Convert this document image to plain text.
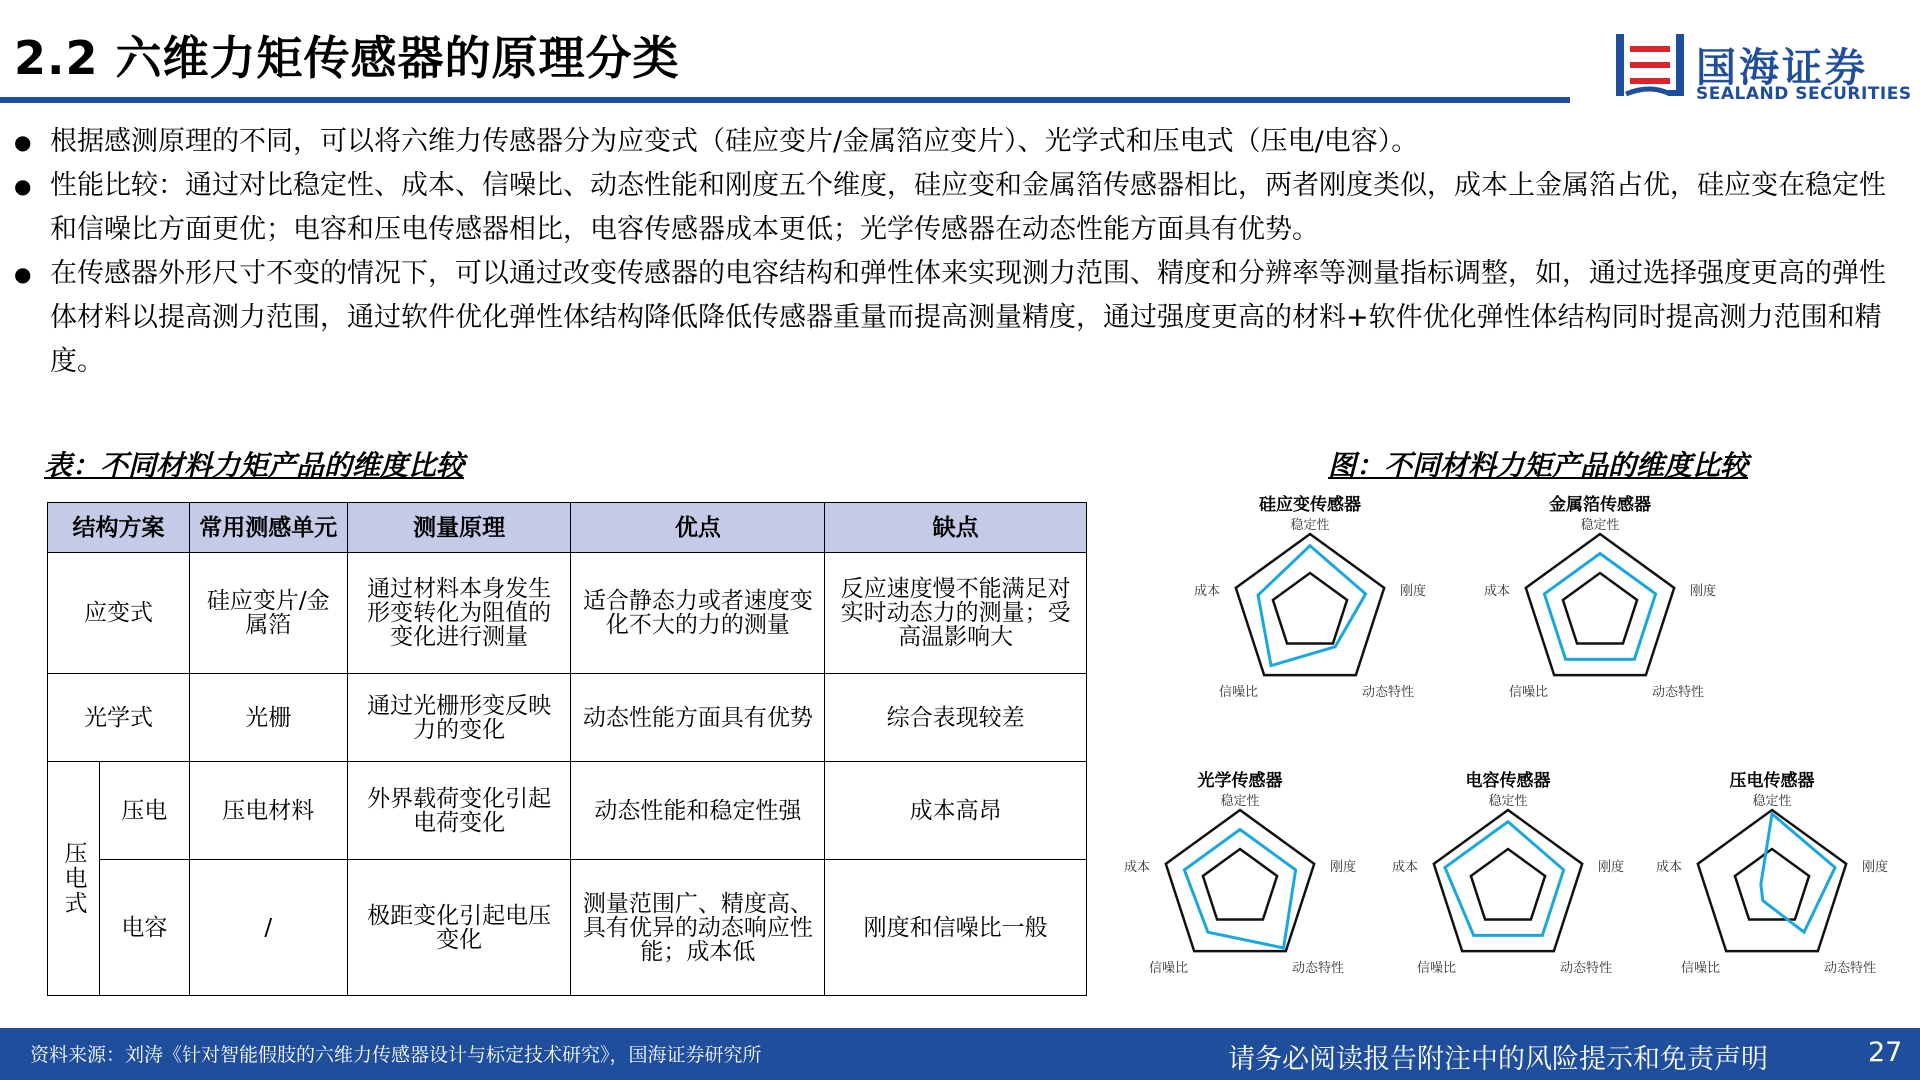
2.2 六维力矩传感器的原理分类	国海证券
SEALAND SECURITIES
● 根据感测原理的不同，可以将六维力传感器分为应变式（硅应变片/金属箔应变片）、光学式和压电式（压电/电容）。
● 性能比较：通过对比稳定性、成本、信噪比、动态性能和刚度五个维度，硅应变和金属箔传感器相比，两者刚度类似，成本上金属箔占优，硅应变在稳定性和信噪比方面更优；电容和压电传感器相比，电容传感器成本更低；光学传感器在动态性能方面具有优势。
● 在传感器外形尺寸不变的情况下，可以通过改变传感器的电容结构和弹性体来实现测力范围、精度和分辨率等测量指标调整，如，通过选择强度更高的弹性体材料以提高测力范围，通过软件优化弹性体结构降低降低传感器重量而提高测量精度，通过强度更高的材料+软件优化弹性体结构同时提高测力范围和精度。
表：不同材料力矩产品的维度比较	图：不同材料力矩产品的维度比较
结构方案		常用测感单元	测量原理	优点	缺点
应变式		硅应变片/金属箔	通过材料本身发生形变转化为阻值的变化进行测量	适合静态力或者速度变化不大的力的测量	反应速度慢不能满足对实时动态力的测量；受高温影响大
光学式		光栅	通过光栅形变反映力的变化	动态性能方面具有优势	综合表现较差
压电式	压电	压电材料	外界载荷变化引起电荷变化	动态性能和稳定性强	成本高昂
	电容	/	极距变化引起电压变化	测量范围广、精度高、具有优异的动态响应性能；成本低	刚度和信噪比一般
硅应变传感器
稳定性
刚度
动态特性
信噪比
成本
金属箔传感器
稳定性
刚度
动态特性
信噪比
成本
光学传感器
稳定性
刚度
动态特性
信噪比
成本
电容传感器
稳定性
刚度
动态特性
信噪比
成本
压电传感器
稳定性
刚度
动态特性
信噪比
成本
资料来源：刘涛《针对智能假肢的六维力传感器设计与标定技术研究》，国海证券研究所	请务必阅读报告附注中的风险提示和免责声明	27
